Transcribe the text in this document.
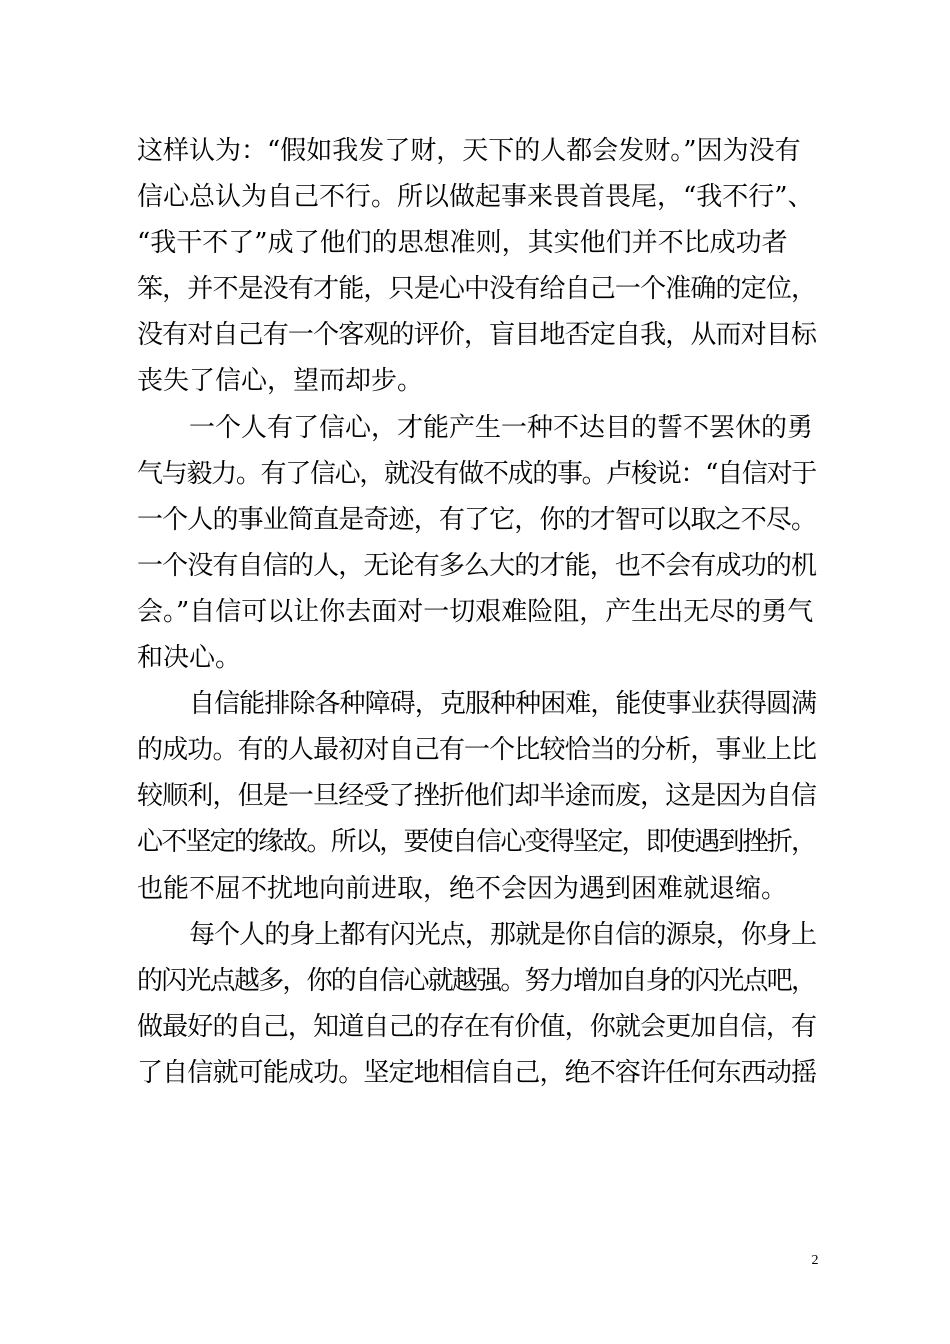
这样认为：“假如我发了财，天下的人都会发财。”因为没有
信心总认为自己不行。所以做起事来畏首畏尾，“我不行”、
“我干不了”成了他们的思想准则，其实他们并不比成功者
笨，并不是没有才能，只是心中没有给自己一个准确的定位，
没有对自己有一个客观的评价，盲目地否定自我，从而对目标
丧失了信心，望而却步。
一个人有了信心，才能产生一种不达目的誓不罢休的勇
气与毅力。有了信心，就没有做不成的事。卢梭说：“自信对于
一个人的事业简直是奇迹，有了它，你的才智可以取之不尽。
一个没有自信的人，无论有多么大的才能，也不会有成功的机
会。”自信可以让你去面对一切艰难险阻，产生出无尽的勇气
和决心。
自信能排除各种障碍，克服种种困难，能使事业获得圆满
的成功。有的人最初对自己有一个比较恰当的分析，事业上比
较顺利，但是一旦经受了挫折他们却半途而废，这是因为自信
心不坚定的缘故。所以，要使自信心变得坚定，即使遇到挫折，
也能不屈不扰地向前进取，绝不会因为遇到困难就退缩。
每个人的身上都有闪光点，那就是你自信的源泉，你身上
的闪光点越多，你的自信心就越强。努力增加自身的闪光点吧，
做最好的自己，知道自己的存在有价值，你就会更加自信，有
了自信就可能成功。坚定地相信自己，绝不容许任何东西动摇
2
